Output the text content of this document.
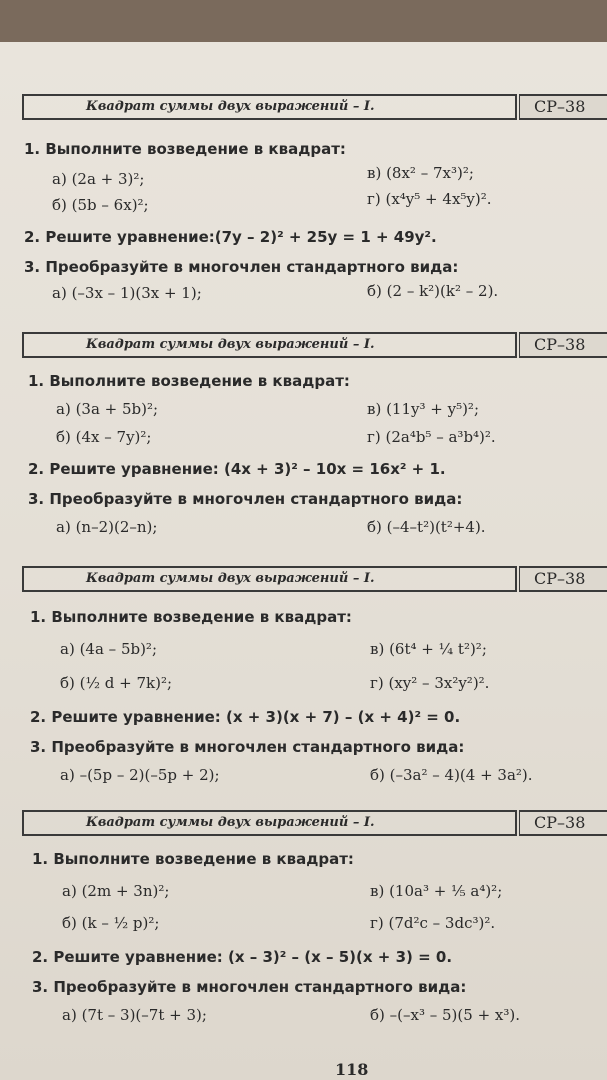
Квадрат суммы двух выражений – I.	СР–38
1. Выполните возведение в квадрат:
а) (2a + 3)²;	в) (8x² – 7x³)²;
б) (5b – 6x)²;	г) (x⁴y⁵ + 4x⁵y)².
2. Решите уравнение:(7y – 2)² + 25y = 1 + 49y².
3. Преобразуйте в многочлен стандартного вида:
а) (–3x – 1)(3x + 1);	б) (2 – k²)(k² – 2).
Квадрат суммы двух выражений – I.	СР–38
1. Выполните возведение в квадрат:
а) (3a + 5b)²;	в) (11y³ + y⁵)²;
б) (4x – 7y)²;	г) (2a⁴b⁵ – a³b⁴)².
2. Решите уравнение: (4x + 3)² – 10x = 16x² + 1.
3. Преобразуйте в многочлен стандартного вида:
а) (n–2)(2–n);	б) (–4–t²)(t²+4).
Квадрат суммы двух выражений – I.	СР–38
1. Выполните возведение в квадрат:
а) (4a – 5b)²;	в) (6t⁴ + ¼ t²)²;
б) (½ d + 7k)²;	г) (xy² – 3x²y²)².
2. Решите уравнение: (x + 3)(x + 7) – (x + 4)² = 0.
3. Преобразуйте в многочлен стандартного вида:
а) –(5p – 2)(–5p + 2);	б) (–3a² – 4)(4 + 3a²).
Квадрат суммы двух выражений – I.	СР–38
1. Выполните возведение в квадрат:
а) (2m + 3n)²;	в) (10a³ + ⅕ a⁴)²;
б) (k – ½ p)²;	г) (7d²c – 3dc³)².
2. Решите уравнение: (x – 3)² – (x – 5)(x + 3) = 0.
3. Преобразуйте в многочлен стандартного вида:
а) (7t – 3)(–7t + 3);	б) –(–x³ – 5)(5 + x³).
118
